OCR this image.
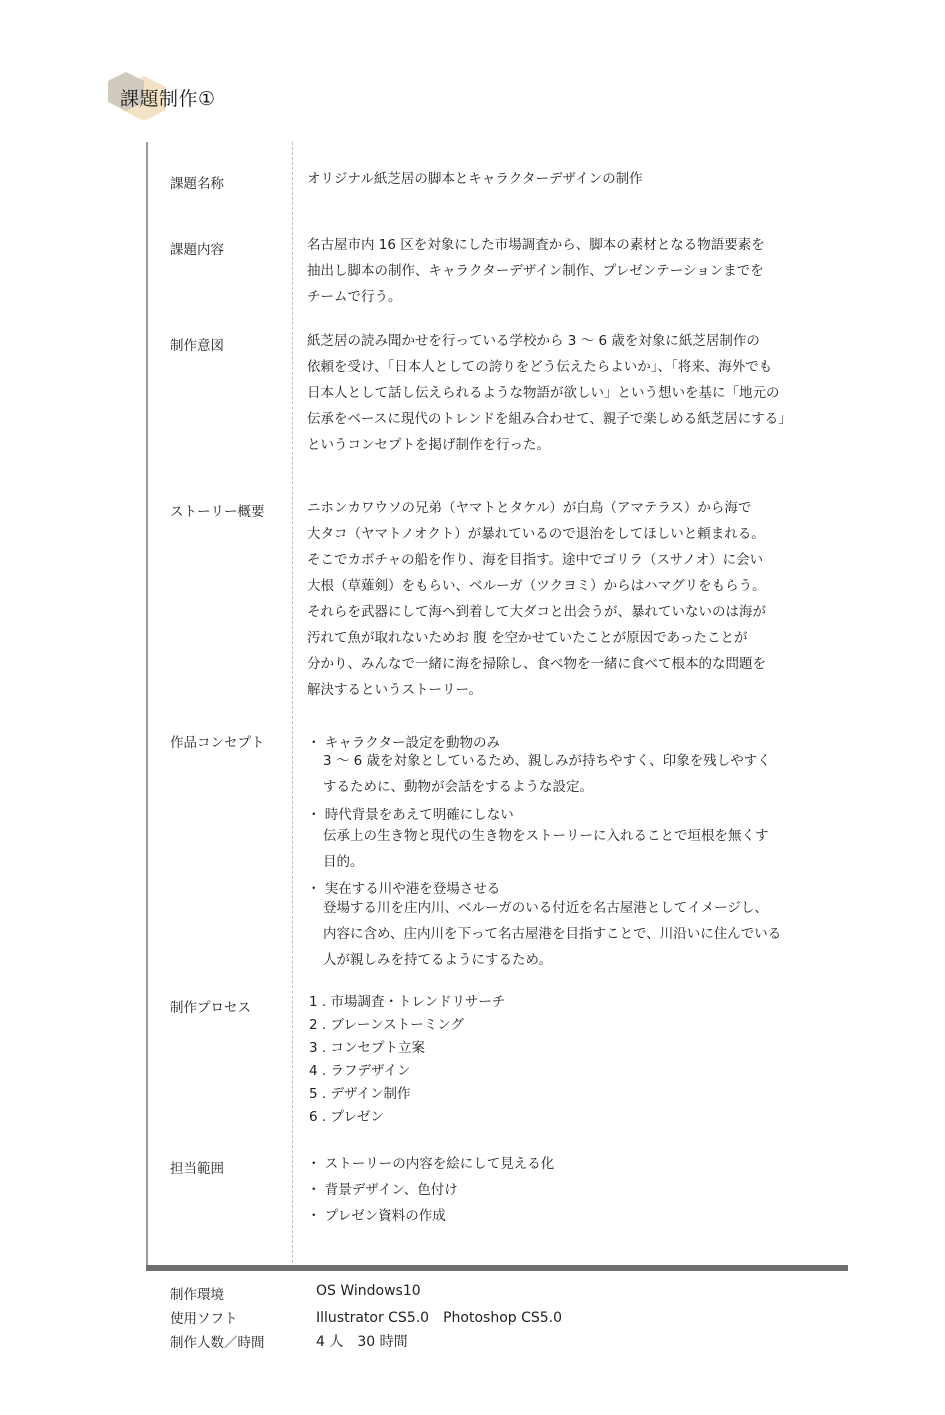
課題制作①
課題名称	オリジナル紙芝居の脚本とキャラクターデザインの制作

課題内容	名古屋市内 16 区を対象にした市場調査から、脚本の素材となる物語要素を

抽出し脚本の制作、キャラクターデザイン制作、プレゼンテーションまでを

チームで行う。

制作意図	紙芝居の読み聞かせを行っている学校から 3 ～ 6 歳を対象に紙芝居制作の

依頼を受け、「日本人としての誇りをどう伝えたらよいか」、「将来、海外でも

日本人として話し伝えられるような物語が欲しい」という想いを基に「地元の

伝承をベースに現代のトレンドを組み合わせて、親子で楽しめる紙芝居にする」

というコンセプトを掲げ制作を行った。

ストーリー概要	ニホンカワウソの兄弟（ヤマトとタケル）が白鳥（アマテラス）から海で

大タコ（ヤマトノオクト）が暴れているので退治をしてほしいと頼まれる。

そこでカボチャの船を作り、海を目指す。途中でゴリラ（スサノオ）に会い

大根（草薙剣）をもらい、ベルーガ（ツクヨミ）からはハマグリをもらう。

それらを武器にして海へ到着して大ダコと出会うが、暴れていないのは海が

汚れて魚が取れないためお 腹 を空かせていたことが原因であったことが

分かり、みんなで一緒に海を掃除し、食べ物を一緒に食べて根本的な問題を

解決するというストーリー。

作品コンセプト	・ キャラクター設定を動物のみ

3 ～ 6 歳を対象としているため、親しみが持ちやすく、印象を残しやすく

するために、動物が会話をするような設定。

・ 時代背景をあえて明確にしない

伝承上の生き物と現代の生き物をストーリーに入れることで垣根を無くす

目的。

・ 実在する川や港を登場させる

登場する川を庄内川、ベルーガのいる付近を名古屋港としてイメージし、

内容に含め、庄内川を下って名古屋港を目指すことで、川沿いに住んでいる

人が親しみを持てるようにするため。

制作プロセス	1 . 市場調査・トレンドリサーチ

2 . ブレーンストーミング

3 . コンセプト立案

4 . ラフデザイン

5 . デザイン制作

6 . プレゼン

担当範囲	・ ストーリーの内容を絵にして見える化

・ 背景デザイン、色付け

・ プレゼン資料の作成

制作環境	OS Windows10
使用ソフト	Illustrator CS5.0　Photoshop CS5.0
制作人数／時間	4 人　30 時間
